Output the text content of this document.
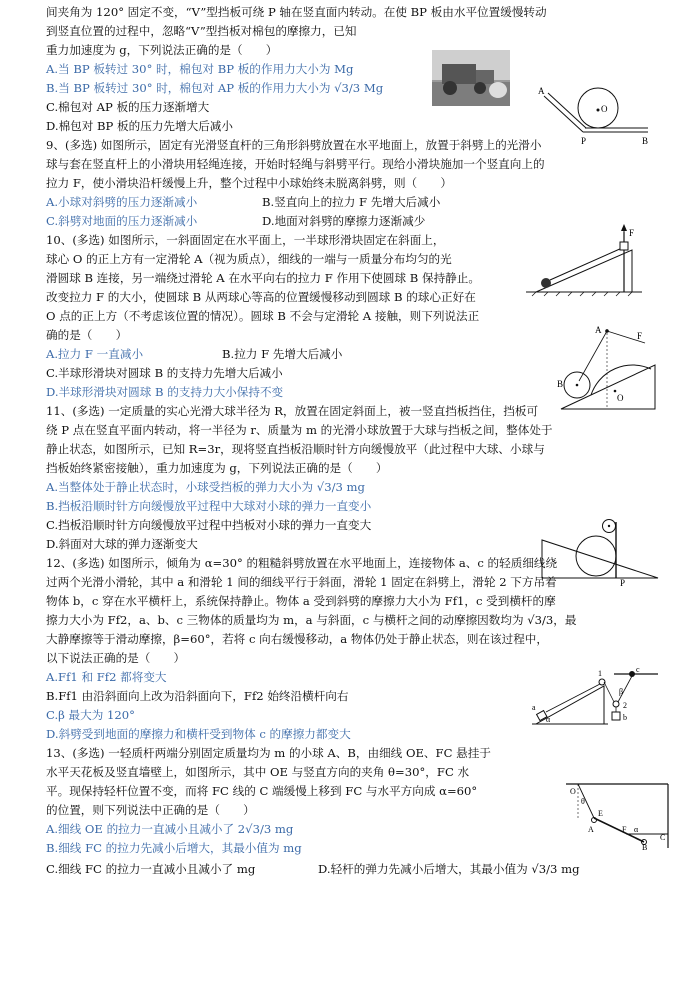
间夹角为 120° 固定不变，“V”型挡板可绕 P 轴在竖直面内转动。在使 BP 板由水平位置缓慢转动
到竖直位置的过程中，忽略“V”型挡板对棉包的摩擦力，已知
重力加速度为 g，下列说法正确的是（　　）
A.当 BP 板转过 30° 时，棉包对 BP 板的作用力大小为 Mg
B.当 BP 板转过 30° 时，棉包对 AP 板的作用力大小为 √3/3 Mg
C.棉包对 AP 板的压力逐渐增大
D.棉包对 BP 板的压力先增大后减小
A
O
P	B
9、(多选) 如图所示，固定有光滑竖直杆的三角形斜劈放置在水平地面上，放置于斜劈上的光滑小
球与套在竖直杆上的小滑块用轻绳连接，开始时轻绳与斜劈平行。现给小滑块施加一个竖直向上的
拉力 F，使小滑块沿杆缓慢上升，整个过程中小球始终未脱离斜劈，则（　　）
A.小球对斜劈的压力逐渐减小	B.竖直向上的拉力 F 先增大后减小
C.斜劈对地面的压力逐渐减小	D.地面对斜劈的摩擦力逐渐减少
F
10、(多选) 如图所示，一斜面固定在水平面上，一半球形滑块固定在斜面上，
球心 O 的正上方有一定滑轮 A（视为质点），细线的一端与一质量分布均匀的光
滑圆球 B 连接，另一端绕过滑轮 A 在水平向右的拉力 F 作用下使圆球 B 保持静止。
改变拉力 F 的大小，使圆球 B 从两球心等高的位置缓慢移动到圆球 B 的球心正好在
O 点的正上方（不考虑该位置的情况）。圆球 B 不会与定滑轮 A 接触，则下列说法正
确的是（　　）
A.拉力 F 一直减小	B.拉力 F 先增大后减小
C.半球形滑块对圆球 B 的支持力先增大后减小
D.半球形滑块对圆球 B 的支持力大小保持不变
A
F
B
O
11、(多选) 一定质量的实心光滑大球半径为 R，放置在固定斜面上，被一竖直挡板挡住，挡板可
绕 P 点在竖直平面内转动，将一半径为 r、质量为 m 的光滑小球放置于大球与挡板之间，整体处于
静止状态，如图所示，已知 R=3r，现将竖直挡板沿顺时针方向缓慢放平（此过程中大球、小球与
挡板始终紧密接触），重力加速度为 g，下列说法正确的是（　　）
A.当整体处于静止状态时，小球受挡板的弹力大小为 √3/3 mg
B.挡板沿顺时针方向缓慢放平过程中大球对小球的弹力一直变小
C.挡板沿顺时针方向缓慢放平过程中挡板对小球的弹力一直变大
D.斜面对大球的弹力逐渐变大
P
12、(多选) 如图所示，倾角为 α=30° 的粗糙斜劈放置在水平地面上，连接物体 a、c 的轻质细线绕
过两个光滑小滑轮，其中 a 和滑轮 1 间的细线平行于斜面，滑轮 1 固定在斜劈上，滑轮 2 下方吊着
物体 b，c 穿在水平横杆上，系统保持静止。物体 a 受到斜劈的摩擦力大小为 Ff1，c 受到横杆的摩
擦力大小为 Ff2，a、b、c 三物体的质量均为 m，a 与斜面，c 与横杆之间的动摩擦因数均为 √3/3，最
大静摩擦等于滑动摩擦，β=60°，若将 c 向右缓慢移动，a 物体仍处于静止状态，则在该过程中，
以下说法正确的是（　　）
A.Ff1 和 Ff2 都将变大
B.Ff1 由沿斜面向上改为沿斜面向下，Ff2 始终沿横杆向右
C.β 最大为 120°
D.斜劈受到地面的摩擦力和横杆受到物体 c 的摩擦力都变大
1	c
a
β
2
b
α
13、(多选) 一轻质杆两端分别固定质量均为 m 的小球 A、B，由细线 OE、FC 悬挂于
水平天花板及竖直墙壁上，如图所示，其中 OE 与竖直方向的夹角 θ=30°，FC 水
平。现保持轻杆位置不变，而将 FC 线的 C 端缓慢上移到 FC 与水平方向成 α=60°
的位置，则下列说法中正确的是（　　）
A.细线 OE 的拉力一直减小且减小了 2√3/3 mg
B.细线 FC 的拉力先减小后增大，其最小值为 mg
C.细线 FC 的拉力一直减小且减小了 mg	D.轻杆的弹力先减小后增大，其最小值为 √3/3 mg
O
θ
E
A	F α
B
C
